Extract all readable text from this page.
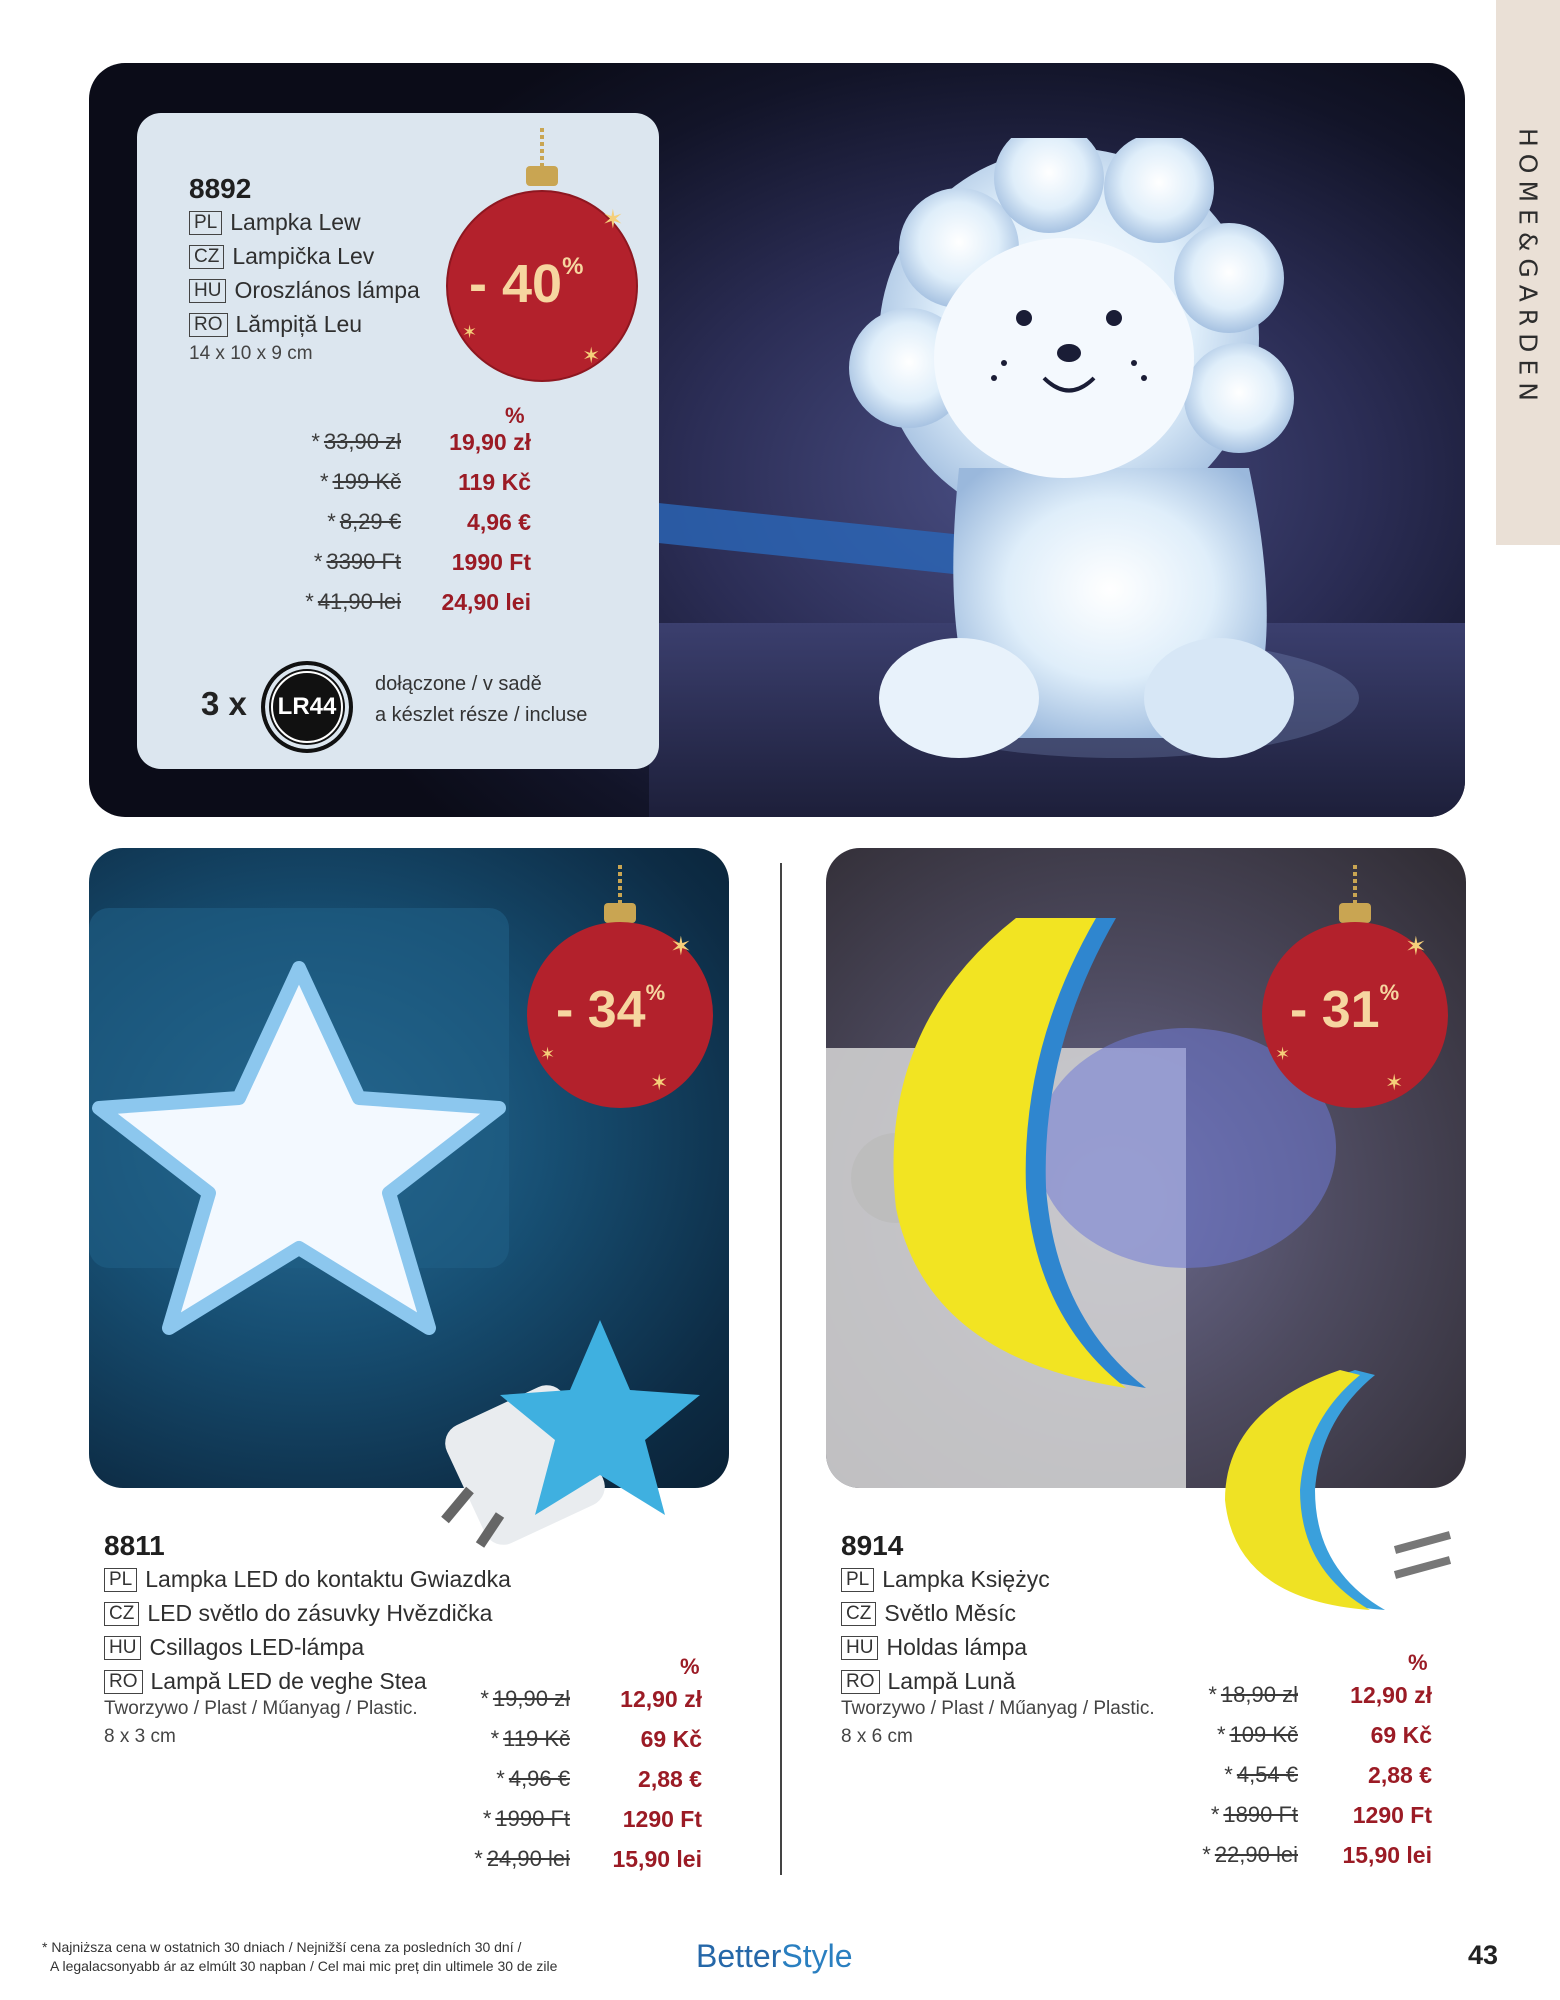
HOME&GARDEN
8892
PL Lampka Lew
CZ Lampička Lev
HU Oroszlános lámpa
RO Lămpiță Leu
14 x 10 x 9 cm
✶
✶
✶
- 40%
%
* 33,90 zł 19,90 zł
* 199 Kč 119 Kč
* 8,29 €	4,96 €
* 3390 Ft 1990 Ft
* 41,90 lei 24,90 lei
3 x LR44
dołączone / v sadě
a készlet része / incluse
✶
✶
✶
- 34%
8811
PL Lampka LED do kontaktu Gwiazdka
CZ LED světlo do zásuvky Hvězdička
HU Csillagos LED-lámpa
RO Lampă LED de veghe Stea
Tworzywo / Plast / Műanyag / Plastic.
8 x 3 cm
%
* 19,90 zł 12,90 zł
* 119 Kč	69 Kč
* 4,96 €	2,88 €
* 1990 Ft 1290 Ft
* 24,90 lei 15,90 lei
✶
✶
✶
- 31%
8914
PL Lampka Księżyc
CZ Světlo Měsíc
HU Holdas lámpa
RO Lampă Lună
Tworzywo / Plast / Műanyag / Plastic.
8 x 6 cm
%
* 18,90 zł 12,90 zł
* 109 Kč	69 Kč
* 4,54 €	2,88 €
* 1890 Ft 1290 Ft
* 22,90 lei 15,90 lei
* Najniższa cena w ostatnich 30 dniach / Nejnižší cena za posledních 30 dní /
A legalacsonyabb ár az elmúlt 30 napban / Cel mai mic preț din ultimele 30 de zile	BetterStyle	43
